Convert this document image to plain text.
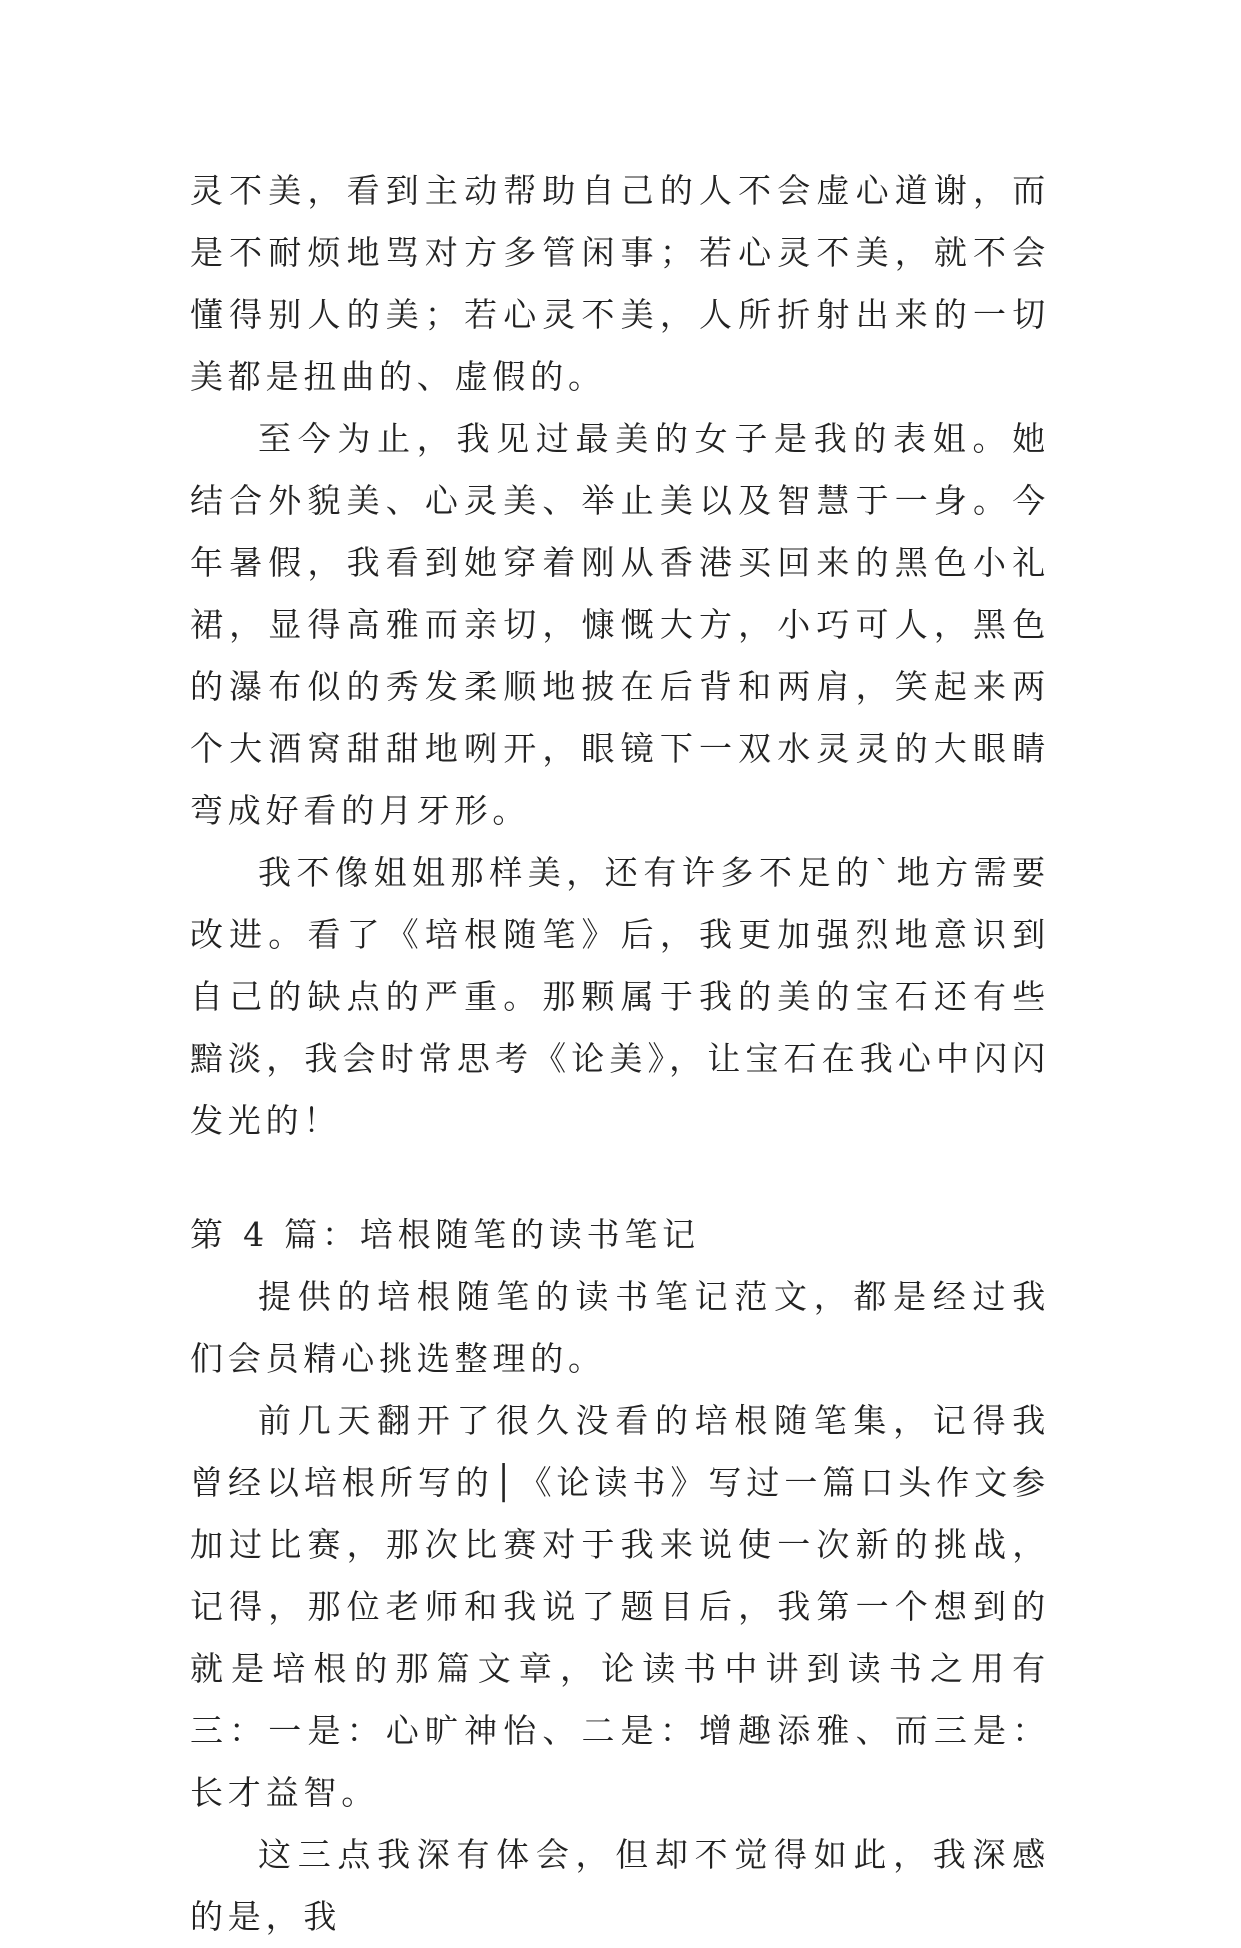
灵不美，看到主动帮助自己的人不会虚心道谢，而是不耐烦地骂对方多管闲事；若心灵不美，就不会懂得别人的美；若心灵不美，人所折射出来的一切美都是扭曲的、虚假的。

至今为止，我见过最美的女子是我的表姐。她结合外貌美、心灵美、举止美以及智慧于一身。今年暑假，我看到她穿着刚从香港买回来的黑色小礼裙，显得高雅而亲切，慷慨大方，小巧可人，黑色的瀑布似的秀发柔顺地披在后背和两肩，笑起来两个大酒窝甜甜地咧开，眼镜下一双水灵灵的大眼睛弯成好看的月牙形。

我不像姐姐那样美，还有许多不足的`地方需要改进。看了《培根随笔》后，我更加强烈地意识到自己的缺点的严重。那颗属于我的美的宝石还有些黯淡，我会时常思考《论美》，让宝石在我心中闪闪发光的！

第 4 篇：培根随笔的读书笔记

提供的培根随笔的读书笔记范文，都是经过我们会员精心挑选整理的。

前几天翻开了很久没看的培根随笔集，记得我曾经以培根所写的│《论读书》写过一篇口头作文参加过比赛，那次比赛对于我来说使一次新的挑战，记得，那位老师和我说了题目后，我第一个想到的就是培根的那篇文章，论读书中讲到读书之用有三：一是：心旷神怡、二是：增趣添雅、而三是：长才益智。

这三点我深有体会，但却不觉得如此，我深感的是，我
